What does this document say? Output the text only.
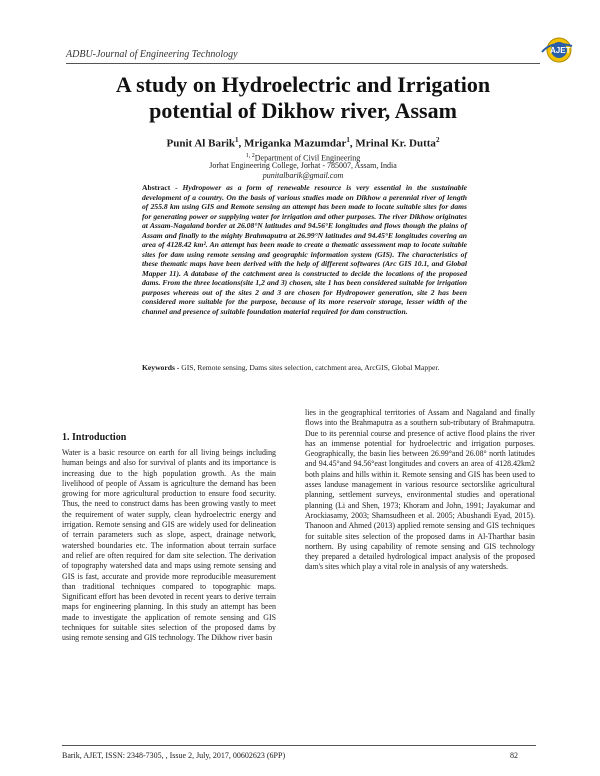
ADBU-Journal of Engineering Technology	AJET
A study on Hydroelectric and Irrigation
potential of Dikhow river, Assam
Punit Al Barik$^1$, Mriganka Mazumdar$^1$, Mrinal Kr. Dutta$^2$
$^{1, 2}$Department of Civil Engineering
Jorhat Engineering College, Jorhat - 785007, Assam, India
punitalbarik@gmail.com
Abstract - Hydropower as a form of renewable resource is very essential in the sustainable development of a country. On the basis of various studies made on Dikhow a perennial river of length of 255.8 km using GIS and Remote sensing an attempt has been made to locate suitable sites for dams for generating power or supplying water for irrigation and other purposes. The river Dikhow originates at Assam-Nagaland border at 26.08°N latitudes and 94.56°E longitudes and flows though the plains of Assam and finally to the mighty Brahmaputra at 26.99°N latitudes and 94.45°E longitudes covering an area of 4128.42 km². An attempt has been made to create a thematic assessment map to locate suitable sites for dam using remote sensing and geographic information system (GIS). The characteristics of these thematic maps have been derived with the help of different softwares (Arc GIS 10.1, and Global Mapper 11). A database of the catchment area is constructed to decide the locations of the proposed dams. From the three locations(site 1,2 and 3) chosen, site 1 has been considered suitable for irrigation purposes whereas out of the sites 2 and 3 are chosen for Hydropower generation, site 2 has been considered more suitable for the purpose, because of its more reservoir storage, lesser width of the channel and presence of suitable foundation material required for dam construction.
Keywords - GIS, Remote sensing, Dams sites selection, catchment area, ArcGIS, Global Mapper.
1. Introduction
Water is a basic resource on earth for all living beings including human beings and also for survival of plants and its importance is increasing due to the high population growth. As the main livelihood of people of Assam is agriculture the demand has been growing for more agricultural production to ensure food security. Thus, the need to construct dams has been growing vastly to meet the requirement of water supply, clean hydroelectric energy and irrigation. Remote sensing and GIS are widely used for delineation of terrain parameters such as slope, aspect, drainage network, watershed boundaries etc. The information about terrain surface and relief are often required for dam site selection. The derivation of topography watershed data and maps using remote sensing and GIS is fast, accurate and provide more reproducible measurement than traditional techniques compared to topographic maps. Significant effort has been devoted in recent years to derive terrain maps for engineering planning. In this study an attempt has been made to investigate the application of remote sensing and GIS techniques for suitable sites selection of the proposed dams by using remote sensing and GIS technology. The Dikhow river basin
lies in the geographical territories of Assam and Nagaland and finally flows into the Brahmaputra as a southern sub-tributary of Brahmaputra. Due to its perennial course and presence of active flood plains the river has an immense potential for hydroelectric and irrigation purposes. Geographically, the basin lies between 26.99°and 26.08° north latitudes and 94.45°and 94.56°east longitudes and covers an area of 4128.42km2 both plains and hills within it. Remote sensing and GIS has been used to asses landuse management in various resource sectorslike agricultural planning, settlement surveys, environmental studies and operational planning (Li and Shen, 1973; Khoram and John, 1991; Jayakumar and Arockiasamy, 2003; Shamsudheen et al. 2005; Abushandi Eyad, 2015). Thanoon and Ahmed (2013) applied remote sensing and GIS techniques for suitable sites selection of the proposed dams in Al-Tharthar basin northern. By using capability of remote sensing and GIS technology they prepared a detailed hydrological impact analysis of the proposed dam's sites which play a vital role in analysis of any watersheds.
Barik, AJET, ISSN: 2348-7305, , Issue 2, July, 2017, 00602623 (6PP)	82
